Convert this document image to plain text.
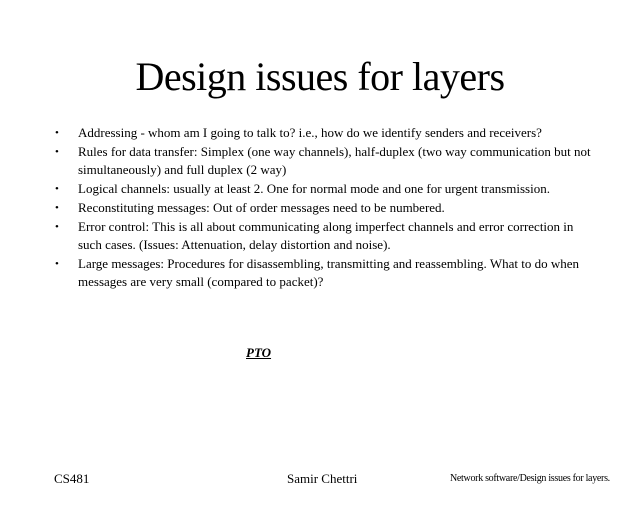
Design issues for layers
•	Addressing - whom am I going to talk to? i.e., how do we identify senders and receivers?
•	Rules for data transfer: Simplex (one way channels), half-duplex (two way communication but not simultaneously) and full duplex (2 way)
•	Logical channels: usually at least 2. One for normal mode and one for urgent transmission.
•	Reconstituting messages: Out of order messages need to be numbered.
•	Error control: This is all about communicating along imperfect channels and error correction in such cases. (Issues: Attenuation, delay distortion and noise).
•	Large messages: Procedures for disassembling, transmitting and reassembling. What to do when messages are very small (compared to packet)?
PTO
CS481	Samir Chettri	Network software/Design issues for layers.
